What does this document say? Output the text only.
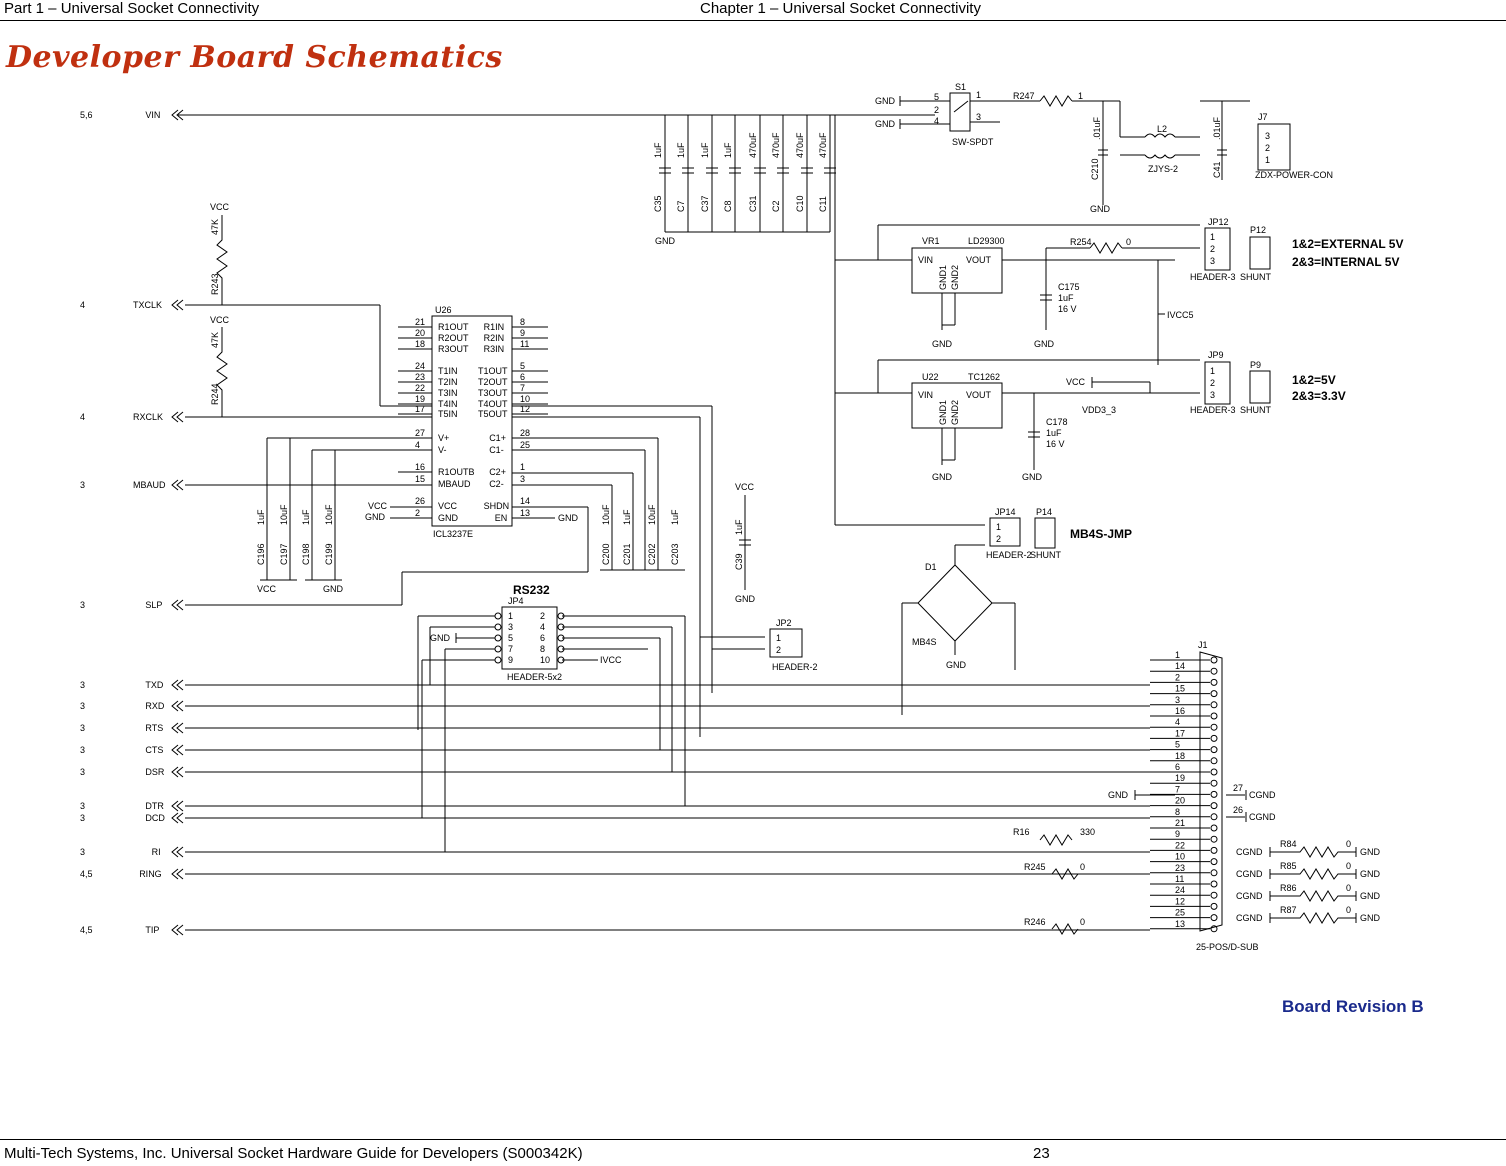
Part 1 – Universal Socket Connectivity	Chapter 1 – Universal Socket Connectivity
Developer Board Schematics
5,6	VIN
4	TXCLK
4	RXCLK
3	MBAUD
3	SLP
3	TXD
3	RXD
3	RTS
3	CTS
3	DSR
3	DTR
3	DCD
3	RI
4,5	RING
4,5	TIP
1uF
C35
1uF
C7
1uF
C37
1uF
C8
470uF
C31
470uF
C2
470uF
C10
470uF
C11
GND
S1
GND
GND
SW-SPDT
1
3
5
2
4
R247	1
C210
.01uF
GND
L2
ZJYS-2	C41
.01uF	J7
3
2
1
ZDX-POWER-CON
VR1	LD29300
VIN	VOUT
GND1 GND2
GND
R254	0
C175
1uF
16 V
GND
IVCC5
JP12
1
2
3
HEADER-3
P12
SHUNT
1&2=EXTERNAL 5V
2&3=INTERNAL 5V
U22	TC1262
VIN	VOUT
GND1 GND2
GND
VCC
VDD3_3
C178
1uF
16 V
GND
JP9
1
2
3
HEADER-3
P9
SHUNT
1&2=5V
2&3=3.3V
JP14
1
2
HEADER-2
P14
SHUNT
MB4S-JMP
D1
MB4S
GND
VCC
47K
R243
VCC
47K
R244
U26
21 R1OUT
20 R2OUT
18 R3OUT
24 T1IN
23 T2IN
22 T3IN
19 T4IN
17 T5IN
27 V+
4 V-
16 R1OUTB
15 MBAUD
26 VCC
2 GND
8
R1IN
9
R2IN
11
R3IN
5
T1OUT
6
T2OUT
7
T3OUT
10
T4OUT 12
T5OUT
28
C1+
25
C1-
1
C2+
3
C2-
14
SHDN
13
EN
ICL3237E
GND
VCC
GND
C196 C197 C198 C199
1uF 10uF 1uF 10uF
VCC	GND
C200 C201 C202 C203
10uF 1uF 10uF 1uF
VCC
C39
1uF
GND
RS232
JP4
1
3
5
7
9
2
4
6
8
10
HEADER-5x2
GND
IVCC
JP2
1
2
HEADER-2
J1
1
14
2
15
3
16
4
17
5
18
6
19
7
20
8
21
9
22
10
23
11
24
12
25
13
25-POS/D-SUB
GND
27
26
CGND
CGND
CGND
R84	0
GND
CGND
R85	0
GND
CGND
R86	0
GND
CGND
R87	0
GND
R16	330
R245	0
R246	0
Board Revision B
Multi-Tech Systems, Inc. Universal Socket Hardware Guide for Developers (S000342K)	23
